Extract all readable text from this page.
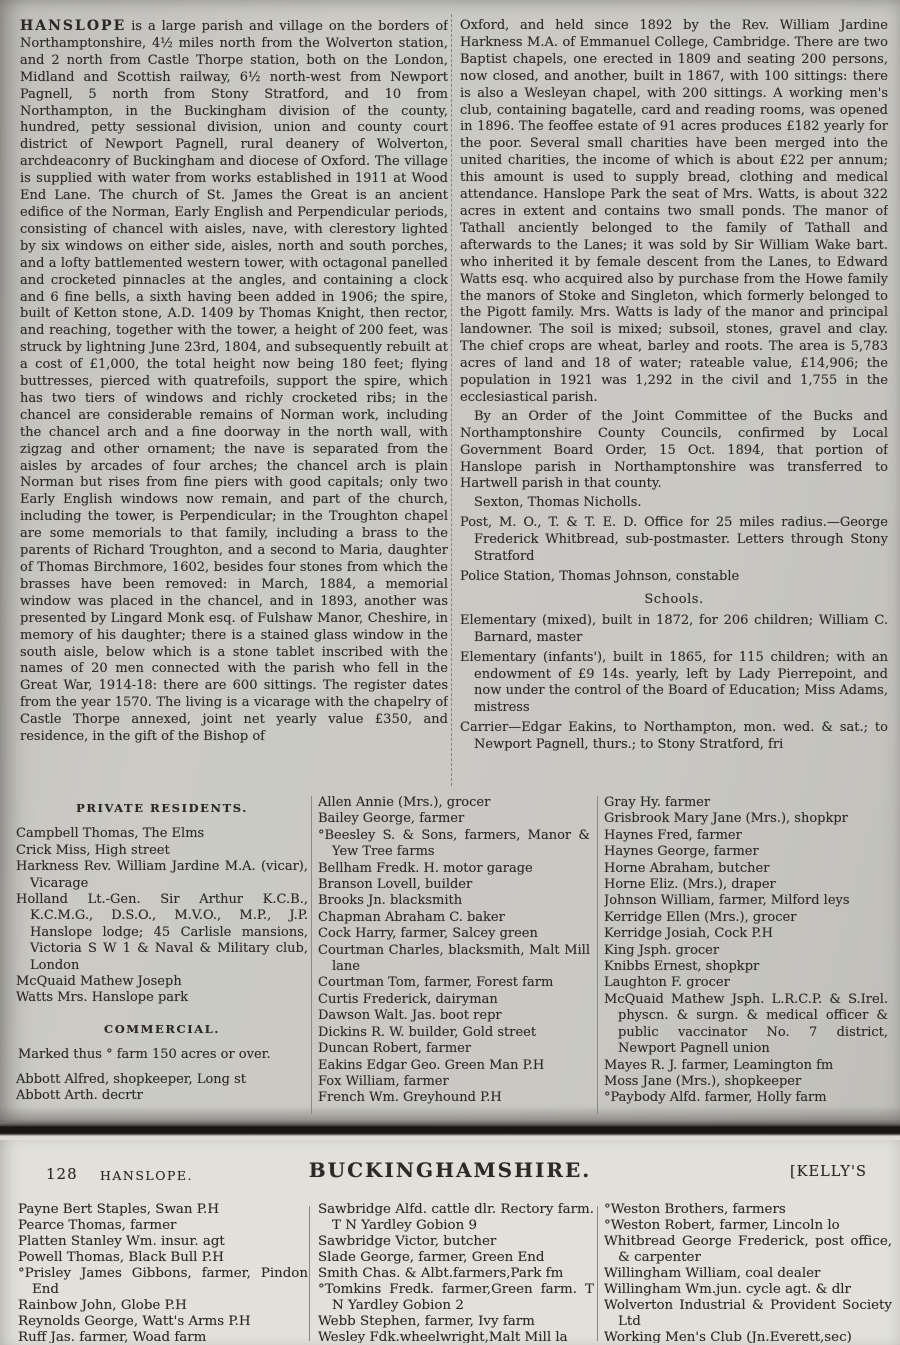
HANSLOPE is a large parish and village on the borders of Northamptonshire, 4½ miles north from the Wolverton station, and 2 north from Castle Thorpe station, both on the London, Midland and Scottish railway, 6½ north-west from Newport Pagnell, 5 north from Stony Stratford, and 10 from Northampton, in the Buckingham division of the county, hundred, petty sessional division, union and county court district of Newport Pagnell, rural deanery of Wolverton, archdeaconry of Buckingham and diocese of Oxford. The village is supplied with water from works established in 1911 at Wood End Lane. The church of St. James the Great is an ancient edifice of the Norman, Early English and Perpendicular periods, consisting of chancel with aisles, nave, with clerestory lighted by six windows on either side, aisles, north and south porches, and a lofty battlemented western tower, with octagonal panelled and crocketed pinnacles at the angles, and containing a clock and 6 fine bells, a sixth having been added in 1906; the spire, built of Ketton stone, A.D. 1409 by Thomas Knight, then rector, and reaching, together with the tower, a height of 200 feet, was struck by lightning June 23rd, 1804, and subsequently rebuilt at a cost of £1,000, the total height now being 180 feet; flying buttresses, pierced with quatrefoils, support the spire, which has two tiers of windows and richly crocketed ribs; in the chancel are considerable remains of Norman work, including the chancel arch and a fine doorway in the north wall, with zigzag and other ornament; the nave is separated from the aisles by arcades of four arches; the chancel arch is plain Norman but rises from fine piers with good capitals; only two Early English windows now remain, and part of the church, including the tower, is Perpendicular; in the Troughton chapel are some memorials to that family, including a brass to the parents of Richard Troughton, and a second to Maria, daughter of Thomas Birchmore, 1602, besides four stones from which the brasses have been removed: in March, 1884, a memorial window was placed in the chancel, and in 1893, another was presented by Lingard Monk esq. of Fulshaw Manor, Cheshire, in memory of his daughter; there is a stained glass window in the south aisle, below which is a stone tablet inscribed with the names of 20 men connected with the parish who fell in the Great War, 1914-18: there are 600 sittings. The register dates from the year 1570. The living is a vicarage with the chapelry of Castle Thorpe annexed, joint net yearly value £350, and residence, in the gift of the Bishop of

Oxford, and held since 1892 by the Rev. William Jardine Harkness M.A. of Emmanuel College, Cambridge. There are two Baptist chapels, one erected in 1809 and seating 200 persons, now closed, and another, built in 1867, with 100 sittings: there is also a Wesleyan chapel, with 200 sittings. A working men's club, containing bagatelle, card and reading rooms, was opened in 1896. The feoffee estate of 91 acres produces £182 yearly for the poor. Several small charities have been merged into the united charities, the income of which is about £22 per annum; this amount is used to supply bread, clothing and medical attendance. Hanslope Park the seat of Mrs. Watts, is about 322 acres in extent and contains two small ponds. The manor of Tathall anciently belonged to the family of Tathall and afterwards to the Lanes; it was sold by Sir William Wake bart. who inherited it by female descent from the Lanes, to Edward Watts esq. who acquired also by purchase from the Howe family the manors of Stoke and Singleton, which formerly belonged to the Pigott family. Mrs. Watts is lady of the manor and principal landowner. The soil is mixed; subsoil, stones, gravel and clay. The chief crops are wheat, barley and roots. The area is 5,783 acres of land and 18 of water; rateable value, £14,906; the population in 1921 was 1,292 in the civil and 1,755 in the ecclesiastical parish.

By an Order of the Joint Committee of the Bucks and Northamptonshire County Councils, confirmed by Local Government Board Order, 15 Oct. 1894, that portion of Hanslope parish in Northamptonshire was transferred to Hartwell parish in that county.

Sexton, Thomas Nicholls.

Post, M. O., T. & T. E. D. Office for 25 miles radius.—George Frederick Whitbread, sub-postmaster. Letters through Stony Stratford

Police Station, Thomas Johnson, constable

Schools.

Elementary (mixed), built in 1872, for 206 children; William C. Barnard, master

Elementary (infants'), built in 1865, for 115 children; with an endowment of £9 14s. yearly, left by Lady Pierrepoint, and now under the control of the Board of Education; Miss Adams, mistress

Carrier—Edgar Eakins, to Northampton, mon. wed. & sat.; to Newport Pagnell, thurs.; to Stony Stratford, fri

PRIVATE RESIDENTS.
Campbell Thomas, The Elms
Crick Miss, High street
Harkness Rev. William Jardine M.A. (vicar), Vicarage
Holland Lt.-Gen. Sir Arthur K.C.B., K.C.M.G., D.S.O., M.V.O., M.P., J.P. Hanslope lodge; 45 Carlisle mansions, Victoria S W 1 & Naval & Military club, London
McQuaid Mathew Joseph
Watts Mrs. Hanslope park
COMMERCIAL.
Marked thus ° farm 150 acres or over.
Abbott Alfred, shopkeeper, Long st
Abbott Arth. decrtr
Allen Annie (Mrs.), grocer
Bailey George, farmer
°Beesley S. & Sons, farmers, Manor & Yew Tree farms
Bellham Fredk. H. motor garage
Branson Lovell, builder
Brooks Jn. blacksmith
Chapman Abraham C. baker
Cock Harry, farmer, Salcey green
Courtman Charles, blacksmith, Malt Mill lane
Courtman Tom, farmer, Forest farm
Curtis Frederick, dairyman
Dawson Walt. Jas. boot repr
Dickins R. W. builder, Gold street
Duncan Robert, farmer
Eakins Edgar Geo. Green Man P.H
Fox William, farmer
French Wm. Greyhound P.H
Gray Hy. farmer
Grisbrook Mary Jane (Mrs.), shopkpr
Haynes Fred, farmer
Haynes George, farmer
Horne Abraham, butcher
Horne Eliz. (Mrs.), draper
Johnson William, farmer, Milford leys
Kerridge Ellen (Mrs.), grocer
Kerridge Josiah, Cock P.H
King Jsph. grocer
Knibbs Ernest, shopkpr
Laughton F. grocer
McQuaid Mathew Jsph. L.R.C.P. & S.Irel. physcn. & surgn. & medical officer & public vaccinator No. 7 district, Newport Pagnell union
Mayes R. J. farmer, Leamington fm
Moss Jane (Mrs.), shopkeeper
°Paybody Alfd. farmer, Holly farm
128 HANSLOPE.	BUCKINGHAMSHIRE.	[KELLY'S
Payne Bert Staples, Swan P.H
Pearce Thomas, farmer
Platten Stanley Wm. insur. agt
Powell Thomas, Black Bull P.H
°Prisley James Gibbons, farmer, Pindon End
Rainbow John, Globe P.H
Reynolds George, Watt's Arms P.H
Ruff Jas. farmer, Woad farm
Sawbridge Alfd. cattle dlr. Rectory farm. T N Yardley Gobion 9
Sawbridge Victor, butcher
Slade George, farmer, Green End
Smith Chas. & Albt.farmers,Park fm
°Tomkins Fredk. farmer,Green farm. T N Yardley Gobion 2
Webb Stephen, farmer, Ivy farm
Wesley Fdk.wheelwright,Malt Mill la
°Weston Brothers, farmers
°Weston Robert, farmer, Lincoln lo
Whitbread George Frederick, post office, & carpenter
Willingham William, coal dealer
Willingham Wm.jun. cycle agt. & dlr
Wolverton Industrial & Provident Society Ltd
Working Men's Club (Jn.Everett,sec)
